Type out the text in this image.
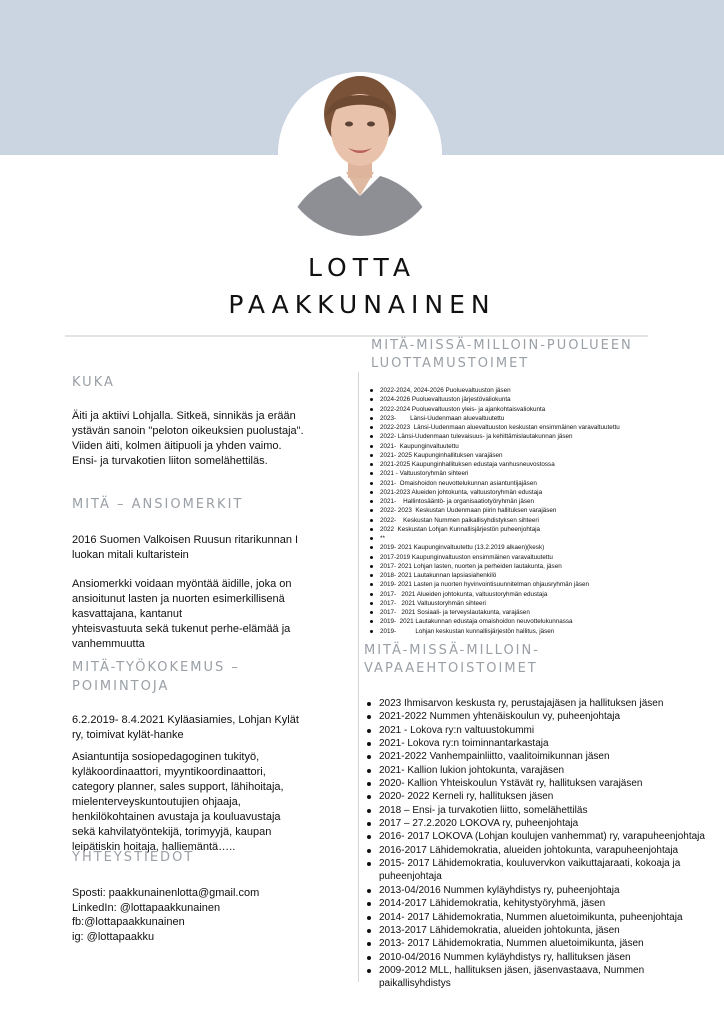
LOTTA
PAAKKUNAINEN
KUKA

Äiti ja aktiivi Lohjalla. Sitkeä, sinnikäs ja erään ystävän sanoin "peloton oikeuksien puolustaja". Viiden äiti, kolmen äitipuoli ja yhden vaimo. Ensi- ja turvakotien liiton somelähettiläs.

MITÄ – ANSIOMERKIT

2016 Suomen Valkoisen Ruusun ritarikunnan I luokan mitali kultaristein

Ansiomerkki voidaan myöntää äidille, joka on ansioitunut lasten ja nuorten esimerkillisenä kasvattajana, kantanut

yhteisvastuuta sekä tukenut perhe-elämää ja vanhemmuutta

MITÄ-TYÖKOKEMUS –
POIMINTOJA

6.2.2019- 8.4.2021 Kyläasiamies, Lohjan Kylät ry, toimivat kylät-hanke

Asiantuntija sosiopedagoginen tukityö, kyläkoordinaattori, myyntikoordinaattori, category planner, sales support, lähihoitaja, mielenterveyskuntoutujien ohjaaja, henkilökohtainen avustaja ja kouluavustaja sekä kahvilatyöntekijä, torimyyjä, kaupan leipätiskin hoitaja, halliemäntä…..

YHTEYSTIEDOT

Sposti: paakkunainenlotta@gmail.com

LinkedIn: @lottapaakkunainen

fb:@lottapaakkunainen

ig: @lottapaakku

MITÄ-MISSÄ-MILLOIN-PUOLUEEN
LUOTTAMUSTOIMET
2022-2024, 2024-2026 Puoluevaltuuston jäsen
2024-2026 Puoluevaltuuston järjestövaliokunta
2022-2024 Puoluevaltuuston yleis- ja ajankohtaisvaliokunta
2023-        Länsi-Uudenmaan aluevaltuutettu
2022-2023  Länsi-Uudenmaan aluevaltuuston keskustan ensimmäinen varavaltuutettu
2022- Länsi-Uudenmaan tulevaisuus- ja kehittämislautakunnan jäsen
2021-  Kaupunginvaltuutettu
2021- 2025 Kaupunginhallituksen varajäsen
2021-2025 Kaupunginhallituksen edustaja vanhusneuvostossa
2021 - Valtuustoryhmän sihteeri
2021-  Omaishoidon neuvottelukunnan asiantuntijajäsen
2021-2023 Alueiden johtokunta, valtuustoryhmän edustaja
2021-    Hallintosääntö- ja organisaatiotyöryhmän jäsen
2022- 2023  Keskustan Uudenmaan piirin hallituksen varajäsen
2022-    Keskustan Nummen paikallisyhdistyksen sihteeri
2022  Keskustan Lohjan Kunnallisjärjestön puheenjohtaja
**
2019- 2021 Kaupunginvaltuutettu (13.2.2019 alkaen)(kesk)
2017-2019 Kaupunginvaltuuston ensimmäinen varavaltuutettu
2017- 2021 Lohjan lasten, nuorten ja perheiden lautakunta, jäsen
2018- 2021 Lautakunnan lapsiasiahenkilö
2019- 2021 Lasten ja nuorten hyvinvointisuunnitelman ohjausryhmän jäsen
2017-   2021 Alueiden johtokunta, valtuustoryhmän edustaja
2017-   2021 Valtuustoryhmän sihteeri
2017-   2021 Sosiaali- ja terveyslautakunta, varajäsen
2019-  2021 Lautakunnan edustaja omaishoidon neuvottelukunnassa
2019-           Lohjan keskustan kunnallisjärjestön hallitus, jäsen
MITÄ-MISSÄ-MILLOIN-
VAPAAEHTOISTOIMET
2023 Ihmisarvon keskusta ry, perustajajäsen ja hallituksen jäsen
2021-2022 Nummen yhtenäiskoulun vy, puheenjohtaja
2021 - Lokova ry:n valtuustokummi
2021- Lokova ry:n toiminnantarkastaja
2021-2022 Vanhempainliitto, vaalitoimikunnan jäsen
2021- Kallion lukion johtokunta, varajäsen
2020- Kallion Yhteiskoulun Ystävät ry, hallituksen varajäsen
2020- 2022 Kerneli ry, hallituksen jäsen
2018 – Ensi- ja turvakotien liitto, somelähettiläs
2017 – 27.2.2020 LOKOVA ry, puheenjohtaja
2016- 2017 LOKOVA (Lohjan koulujen vanhemmat) ry, varapuheenjohtaja
2016-2017 Lähidemokratia, alueiden johtokunta, varapuheenjohtaja
2015- 2017 Lähidemokratia, kouluvervkon vaikuttajaraati, kokoaja ja puheenjohtaja
2013-04/2016 Nummen kyläyhdistys ry, puheenjohtaja
2014-2017 Lähidemokratia, kehitystyöryhmä, jäsen
2014- 2017 Lähidemokratia, Nummen aluetoimikunta, puheenjohtaja
2013-2017 Lähidemokratia, alueiden johtokunta, jäsen
2013- 2017 Lähidemokratia, Nummen aluetoimikunta, jäsen
2010-04/2016 Nummen kyläyhdistys ry, hallituksen jäsen
2009-2012 MLL, hallituksen jäsen, jäsenvastaava, Nummen paikallisyhdistys
